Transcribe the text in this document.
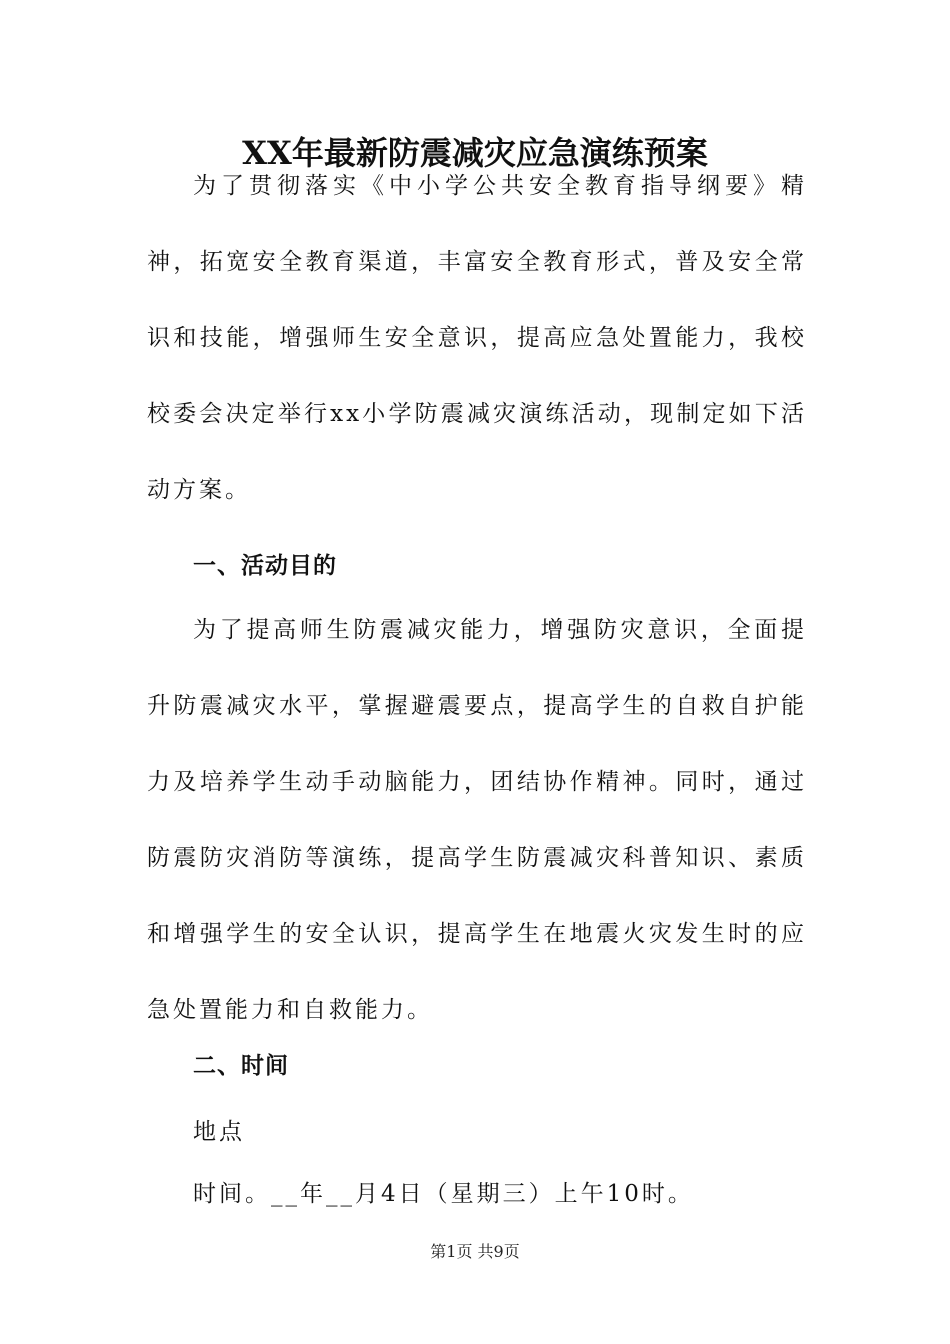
XX年最新防震减灾应急演练预案

为了贯彻落实《中小学公共安全教育指导纲要》精神，拓宽安全教育渠道，丰富安全教育形式，普及安全常识和技能，增强师生安全意识，提高应急处置能力，我校校委会决定举行xx小学防震减灾演练活动，现制定如下活动方案。

一、活动目的

为了提高师生防震减灾能力，增强防灾意识，全面提升防震减灾水平，掌握避震要点，提高学生的自救自护能力及培养学生动手动脑能力，团结协作精神。同时，通过防震防灾消防等演练，提高学生防震减灾科普知识、素质和增强学生的安全认识，提高学生在地震火灾发生时的应急处置能力和自救能力。

二、时间

地点

时间。__年__月4日（星期三）上午10时。

第1页 共9页
